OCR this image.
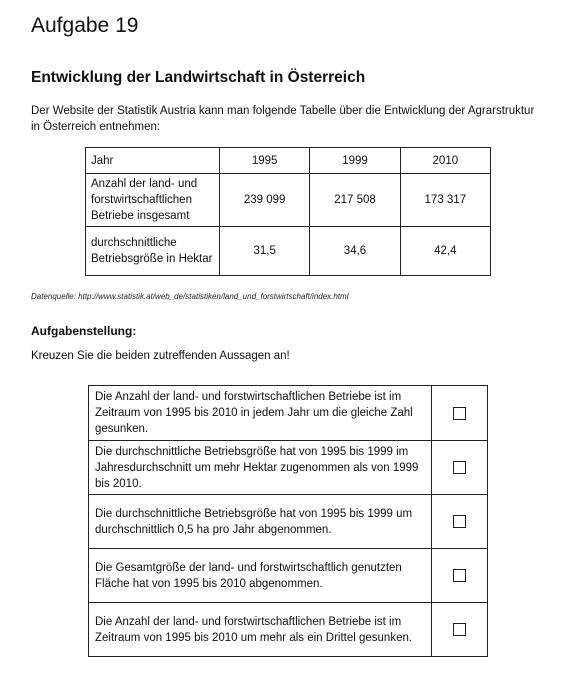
Aufgabe 19
Entwicklung der Landwirtschaft in Österreich

Der Website der Statistik Austria kann man folgende Tabelle über die Entwicklung der Agrarstruktur in Österreich entnehmen:

Jahr	1995	1999	2010
Anzahl der land- und forstwirtschaftlichen Betriebe insgesamt	239 099	217 508	173 317
durchschnittliche Betriebsgröße in Hektar	31,5	34,6	42,4

Datenquelle: http://www.statistik.at/web_de/statistiken/land_und_forstwirtschaft/index.html

Aufgabenstellung:

Kreuzen Sie die beiden zutreffenden Aussagen an!

Die Anzahl der land- und forstwirtschaftlichen Betriebe ist im Zeitraum von 1995 bis 2010 in jedem Jahr um die gleiche Zahl gesunken.	
Die durchschnittliche Betriebsgröße hat von 1995 bis 1999 im Jahresdurchschnitt um mehr Hektar zugenommen als von 1999 bis 2010.	
Die durchschnittliche Betriebsgröße hat von 1995 bis 1999 um durchschnittlich 0,5 ha pro Jahr abgenommen.	
Die Gesamtgröße der land- und forstwirtschaftlich genutzten Fläche hat von 1995 bis 2010 abgenommen.	
Die Anzahl der land- und forstwirtschaftlichen Betriebe ist im Zeitraum von 1995 bis 2010 um mehr als ein Drittel gesunken.	
